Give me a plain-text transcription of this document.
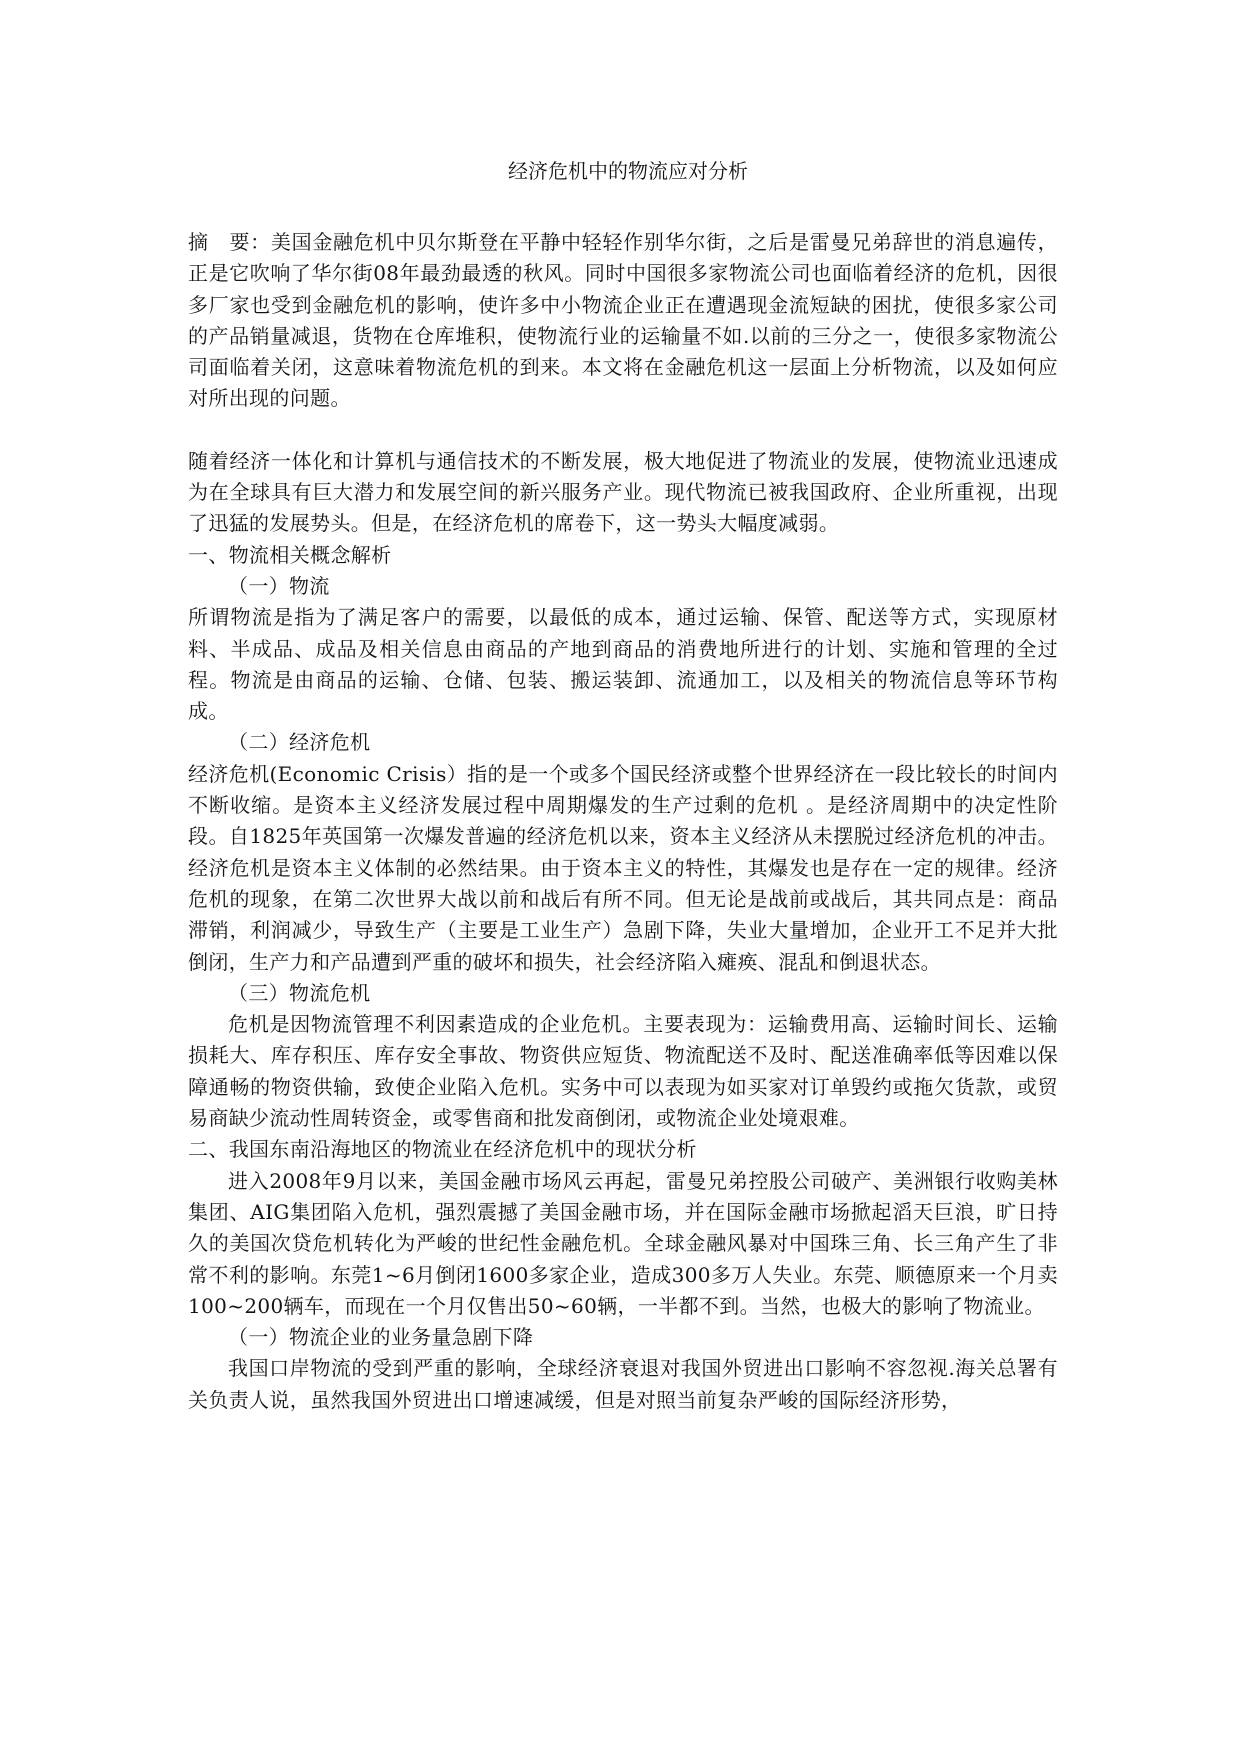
经济危机中的物流应对分析

摘　要：美国金融危机中贝尔斯登在平静中轻轻作别华尔街，之后是雷曼兄弟辞世的消息遍传，正是它吹响了华尔街08年最劲最透的秋风。同时中国很多家物流公司也面临着经济的危机，因很多厂家也受到金融危机的影响，使许多中小物流企业正在遭遇现金流短缺的困扰，使很多家公司的产品销量减退，货物在仓库堆积，使物流行业的运输量不如.以前的三分之一，使很多家物流公司面临着关闭，这意味着物流危机的到来。本文将在金融危机这一层面上分析物流，以及如何应对所出现的问题。

随着经济一体化和计算机与通信技术的不断发展，极大地促进了物流业的发展，使物流业迅速成为在全球具有巨大潜力和发展空间的新兴服务产业。现代物流已被我国政府、企业所重视，出现了迅猛的发展势头。但是，在经济危机的席卷下，这一势头大幅度减弱。

一、物流相关概念解析

（一）物流

所谓物流是指为了满足客户的需要，以最低的成本，通过运输、保管、配送等方式，实现原材料、半成品、成品及相关信息由商品的产地到商品的消费地所进行的计划、实施和管理的全过程。物流是由商品的运输、仓储、包装、搬运装卸、流通加工，以及相关的物流信息等环节构成。

（二）经济危机

经济危机(Economic Crisis）指的是一个或多个国民经济或整个世界经济在一段比较长的时间内不断收缩。是资本主义经济发展过程中周期爆发的生产过剩的危机 。是经济周期中的决定性阶段。自1825年英国第一次爆发普遍的经济危机以来，资本主义经济从未摆脱过经济危机的冲击。 经济危机是资本主义体制的必然结果。由于资本主义的特性，其爆发也是存在一定的规律。经济危机的现象，在第二次世界大战以前和战后有所不同。但无论是战前或战后，其共同点是：商品滞销，利润减少，导致生产（主要是工业生产）急剧下降，失业大量增加，企业开工不足并大批倒闭，生产力和产品遭到严重的破坏和损失，社会经济陷入瘫痪、混乱和倒退状态。

（三）物流危机

危机是因物流管理不利因素造成的企业危机。主要表现为：运输费用高、运输时间长、运输损耗大、库存积压、库存安全事故、物资供应短货、物流配送不及时、配送准确率低等因难以保障通畅的物资供输，致使企业陷入危机。实务中可以表现为如买家对订单毁约或拖欠货款，或贸易商缺少流动性周转资金，或零售商和批发商倒闭，或物流企业处境艰难。

二、我国东南沿海地区的物流业在经济危机中的现状分析

进入2008年9月以来，美国金融市场风云再起，雷曼兄弟控股公司破产、美洲银行收购美林集团、AIG集团陷入危机，强烈震撼了美国金融市场，并在国际金融市场掀起滔天巨浪，旷日持久的美国次贷危机转化为严峻的世纪性金融危机。全球金融风暴对中国珠三角、长三角产生了非常不利的影响。东莞1~6月倒闭1600多家企业，造成300多万人失业。东莞、顺德原来一个月卖100~200辆车，而现在一个月仅售出50~60辆，一半都不到。当然，也极大的影响了物流业。

（一）物流企业的业务量急剧下降

我国口岸物流的受到严重的影响，全球经济衰退对我国外贸进出口影响不容忽视.海关总署有关负责人说，虽然我国外贸进出口增速减缓，但是对照当前复杂严峻的国际经济形势，
